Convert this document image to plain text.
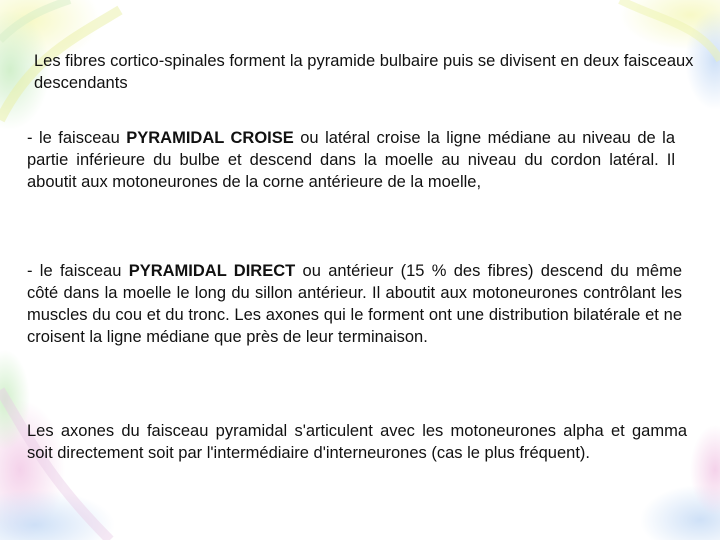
Les fibres cortico-spinales forment la pyramide bulbaire puis se divisent en deux faisceaux descendants

- le faisceau PYRAMIDAL CROISE ou latéral croise la ligne médiane au niveau de la partie inférieure du bulbe et descend dans la moelle au niveau du cordon latéral. Il aboutit aux motoneurones de la corne antérieure de la moelle,

- le faisceau PYRAMIDAL DIRECT ou antérieur (15 % des fibres) descend du même côté dans la moelle le long du sillon antérieur. Il aboutit aux motoneurones contrôlant les muscles du cou et du tronc. Les axones qui le forment ont une distribution bilatérale et ne croisent la ligne médiane que près de leur terminaison.

Les axones du faisceau pyramidal s'articulent avec les motoneurones alpha et gamma soit directement soit par l'intermédiaire d'interneurones (cas le plus fréquent).
